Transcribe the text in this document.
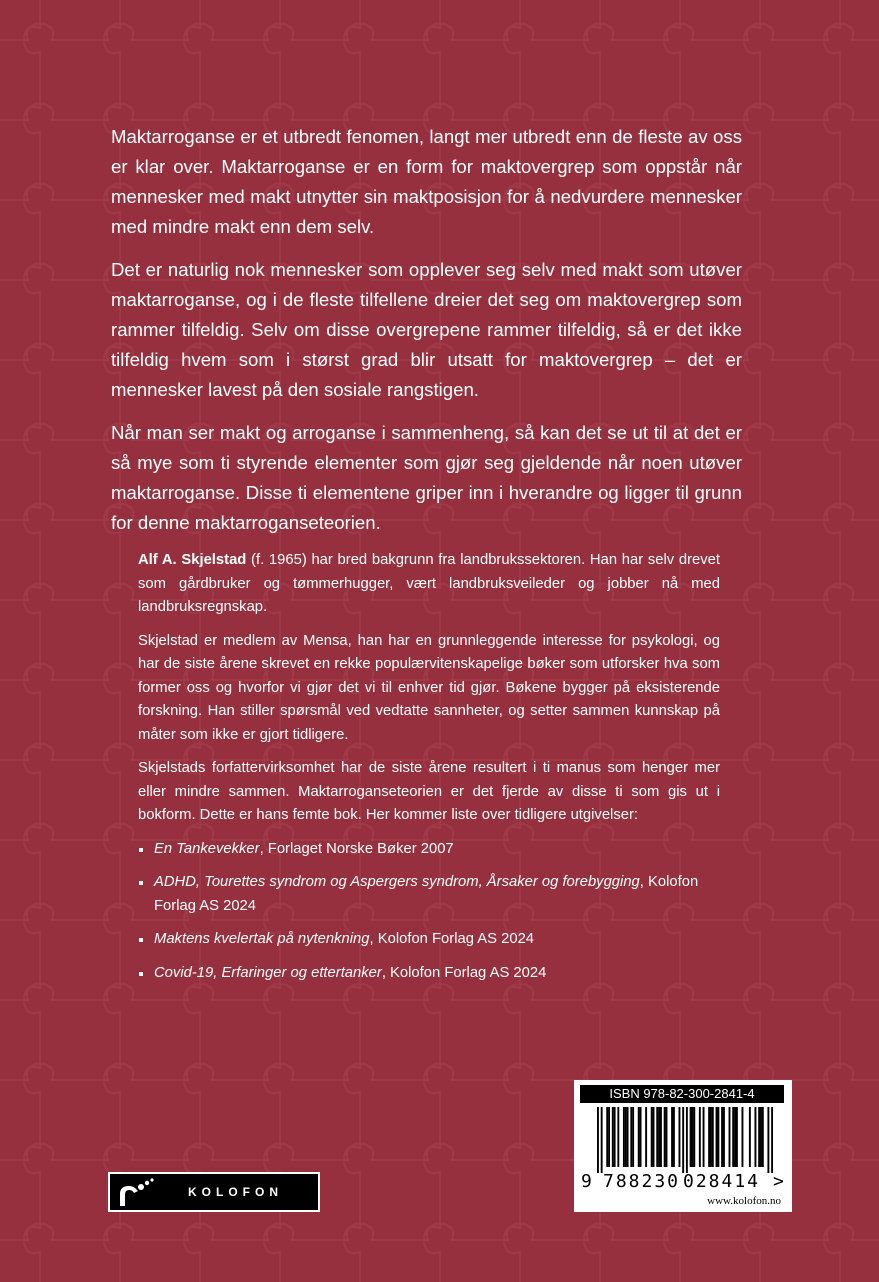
Maktarroganse er et utbredt fenomen, langt mer utbredt enn de fleste av oss er klar over. Maktarroganse er en form for maktovergrep som oppstår når mennesker med makt utnytter sin maktposisjon for å nedvurdere mennesker med mindre makt enn dem selv.

Det er naturlig nok mennesker som opplever seg selv med makt som utøver maktarroganse, og i de fleste tilfellene dreier det seg om maktovergrep som rammer tilfeldig. Selv om disse overgrepene rammer tilfeldig, så er det ikke tilfeldig hvem som i størst grad blir utsatt for maktovergrep – det er mennesker lavest på den sosiale rangstigen.

Når man ser makt og arroganse i sammenheng, så kan det se ut til at det er så mye som ti styrende elementer som gjør seg gjeldende når noen utøver maktarroganse. Disse ti elementene griper inn i hverandre og ligger til grunn for denne maktarroganseteorien.

Alf A. Skjelstad (f. 1965) har bred bakgrunn fra landbrukssektoren. Han har selv drevet som gårdbruker og tømmerhugger, vært landbruksveileder og jobber nå med landbruksregnskap.

Skjelstad er medlem av Mensa, han har en grunnleggende interesse for psykologi, og har de siste årene skrevet en rekke populærvitenskapelige bøker som utforsker hva som former oss og hvorfor vi gjør det vi til enhver tid gjør. Bøkene bygger på eksisterende forskning. Han stiller spørsmål ved vedtatte sannheter, og setter sammen kunnskap på måter som ikke er gjort tidligere.

Skjelstads forfattervirksomhet har de siste årene resultert i ti manus som henger mer eller mindre sammen. Maktarroganseteorien er det fjerde av disse ti som gis ut i bokform. Dette er hans femte bok. Her kommer liste over tidligere utgivelser:

En Tankevekker, Forlaget Norske Bøker 2007
ADHD, Tourettes syndrom og Aspergers syndrom, Årsaker og forebygging, Kolofon Forlag AS 2024
Maktens kvelertak på nytenkning, Kolofon Forlag AS 2024
Covid-19, Erfaringer og ettertanker, Kolofon Forlag AS 2024
KOLOFON
ISBN 978-82-300-2841-4
9 788230 028414 >
www.kolofon.no
